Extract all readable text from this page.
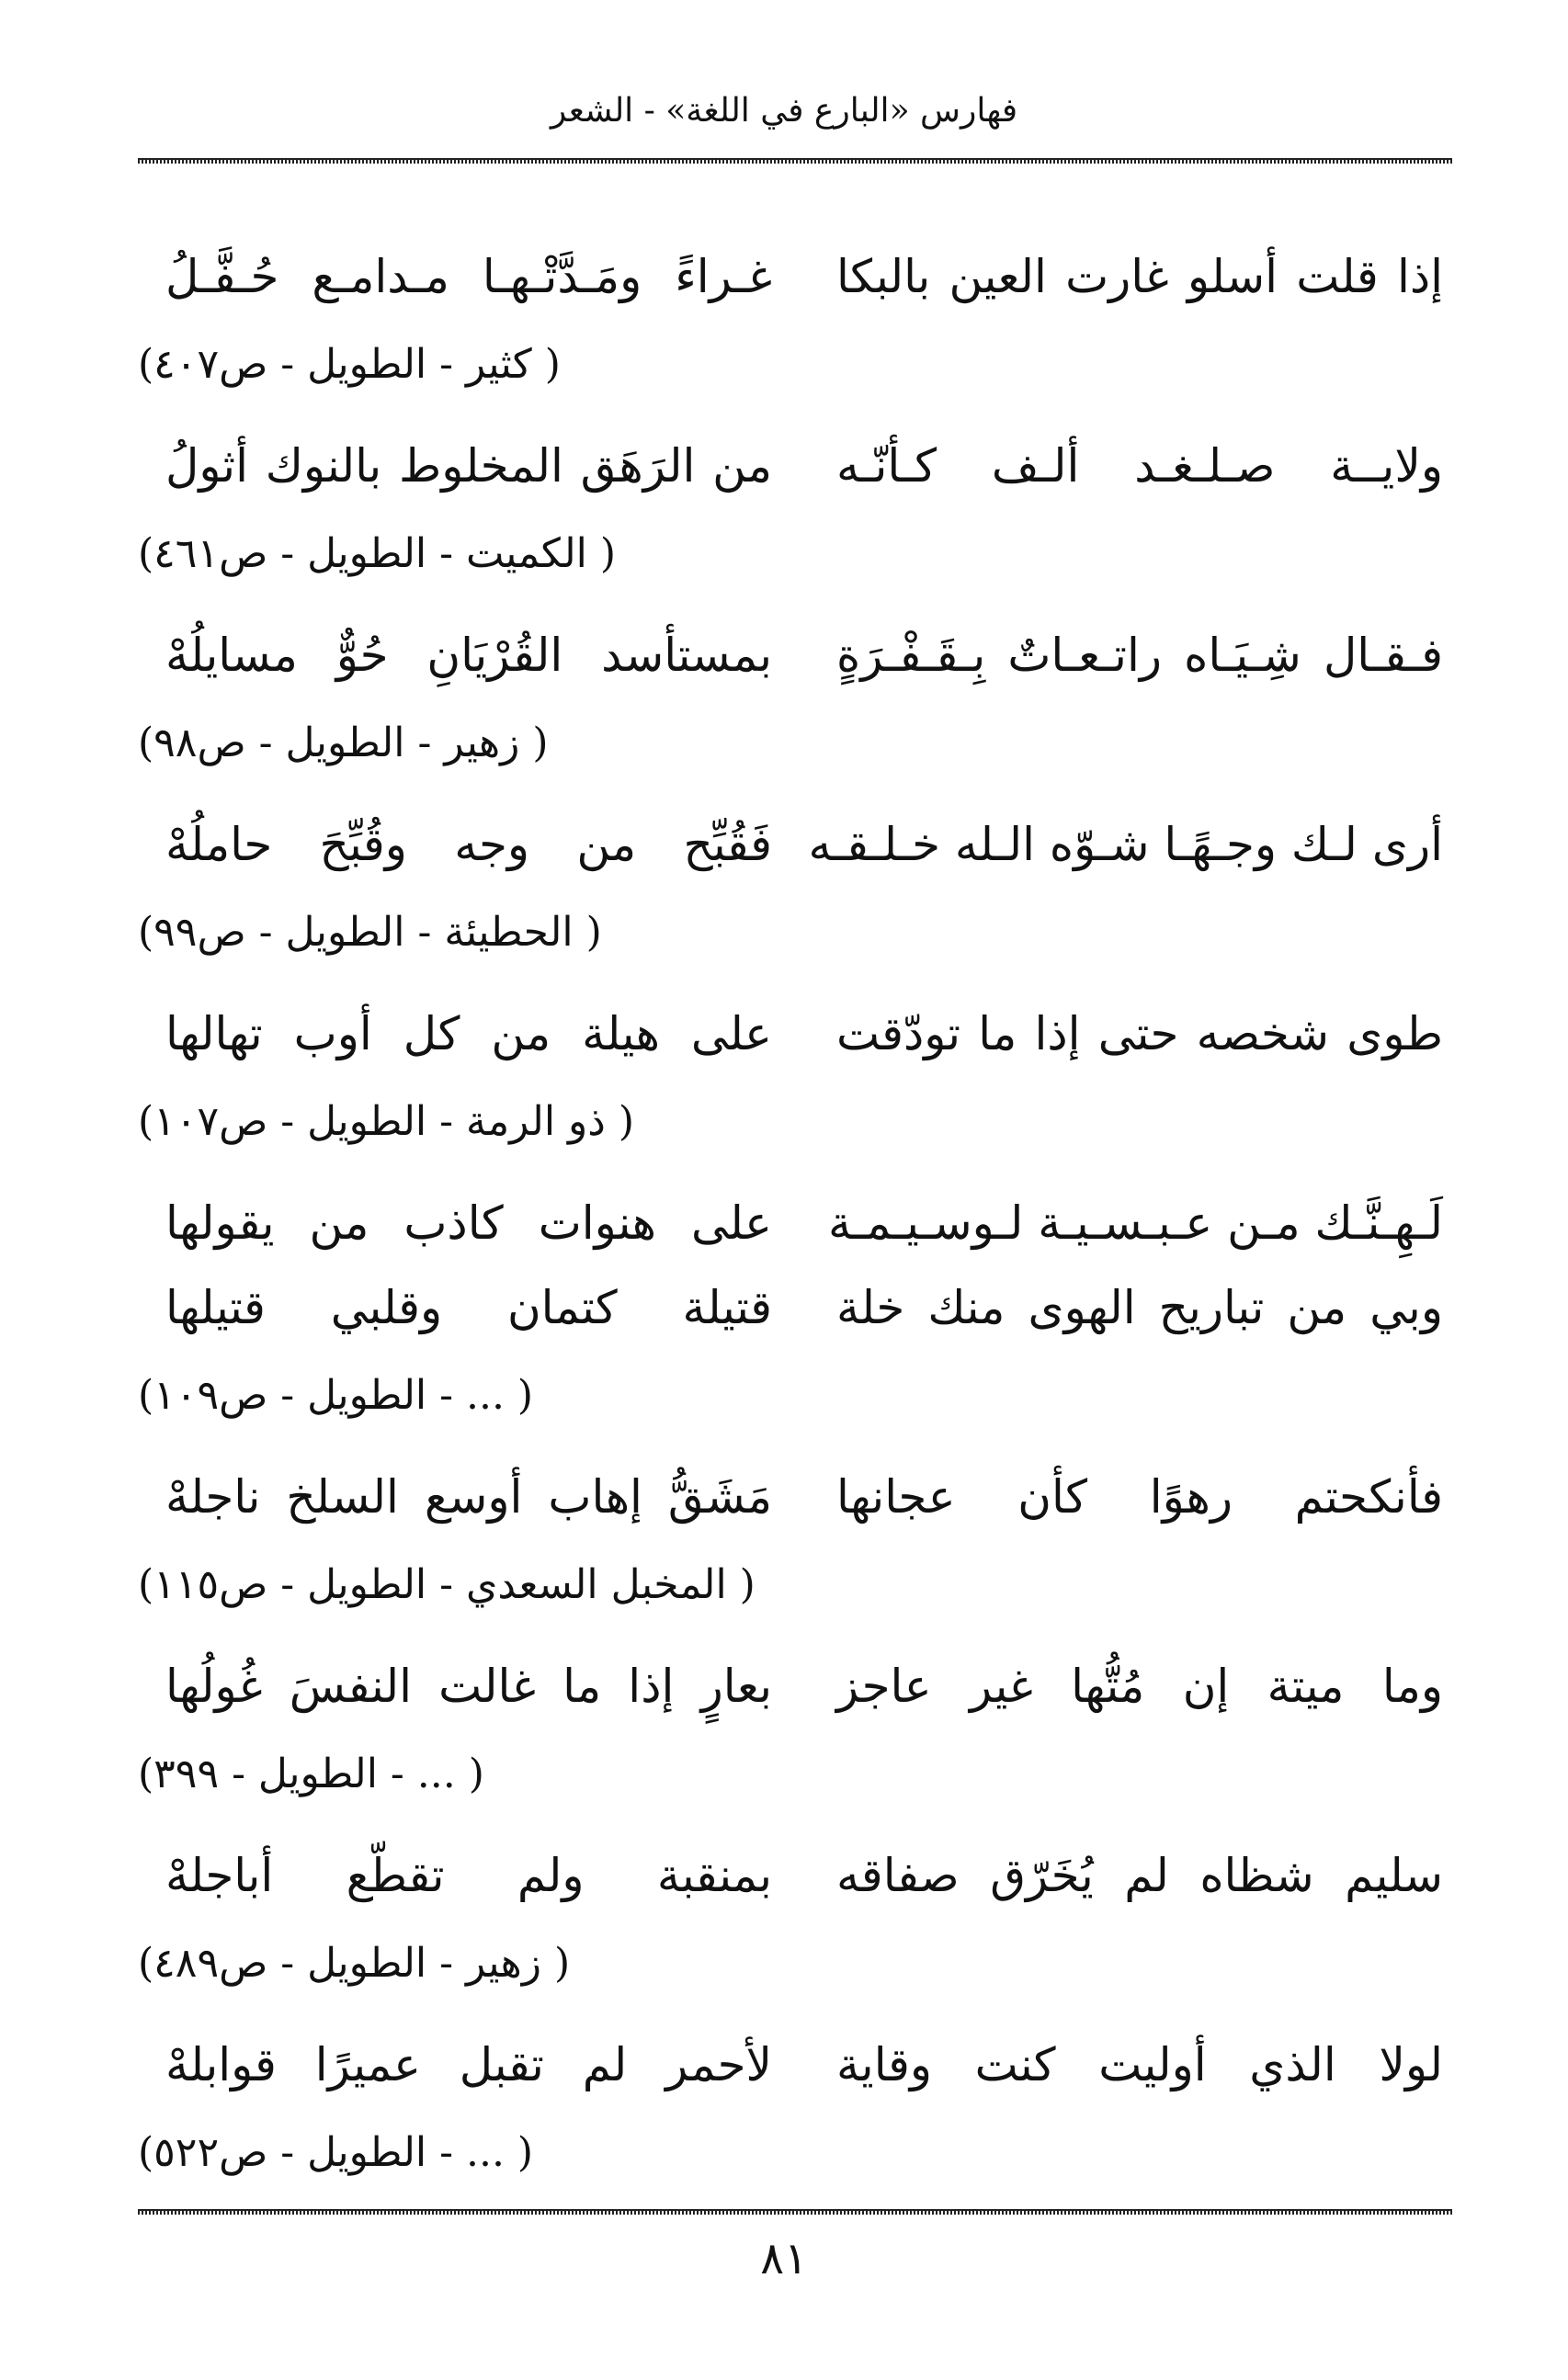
فهارس «البارع في اللغة» - الشعر
إذا قلت أسلو غارت العين بالبكا
غـراءً ومَـدَّتْـهـا مـدامـع حُـفَّـلُ
( كثير - الطويل - ص٤٠٧)
ولايــة صـلـغـد ألـف كـأنّـه
من الرَهَق المخلوط بالنوك أثولُ
( الكميت - الطويل - ص٤٦١)
فـقـال شِـيَـاه راتـعـاتٌ بِـقَـفْـرَةٍ
بمستأسد القُرْيَانِ حُوٌّ مسايلُهْ
( زهير - الطويل - ص٩٨)
أرى لـك وجـهًـا شـوّه الـله خـلـقـه
فَقُبِّح من وجه وقُبِّحَ حاملُهْ
( الحطيئة - الطويل - ص٩٩)
طوى شخصه حتى إذا ما تودّقت
على هيلة من كل أوب تهالها
( ذو الرمة - الطويل - ص١٠٧)
لَـهِـنَّـك مـن عـبـسـيـة لـوسـيـمـة
على هنوات كاذب من يقولها
وبي من تباريح الهوى منك خلة
قتيلة كتمان وقلبي قتيلها
( ... - الطويل - ص١٠٩)
فأنكحتم رهوًا كأن عجانها
مَشَقُّ إهاب أوسع السلخ ناجلهْ
( المخبل السعدي - الطويل - ص١١٥)
وما ميتة إن مُتُّها غير عاجز
بعارٍ إذا ما غالت النفسَ غُولُها
( ... - الطويل - ٣٩٩)
سليم شظاه لم يُخَرّق صفاقه
بمنقبة ولم تقطّع أباجلهْ
( زهير - الطويل - ص٤٨٩)
لولا الذي أوليت كنت وقاية
لأحمر لم تقبل عميرًا قوابلهْ
( ... - الطويل - ص٥٢٢)
٨١
